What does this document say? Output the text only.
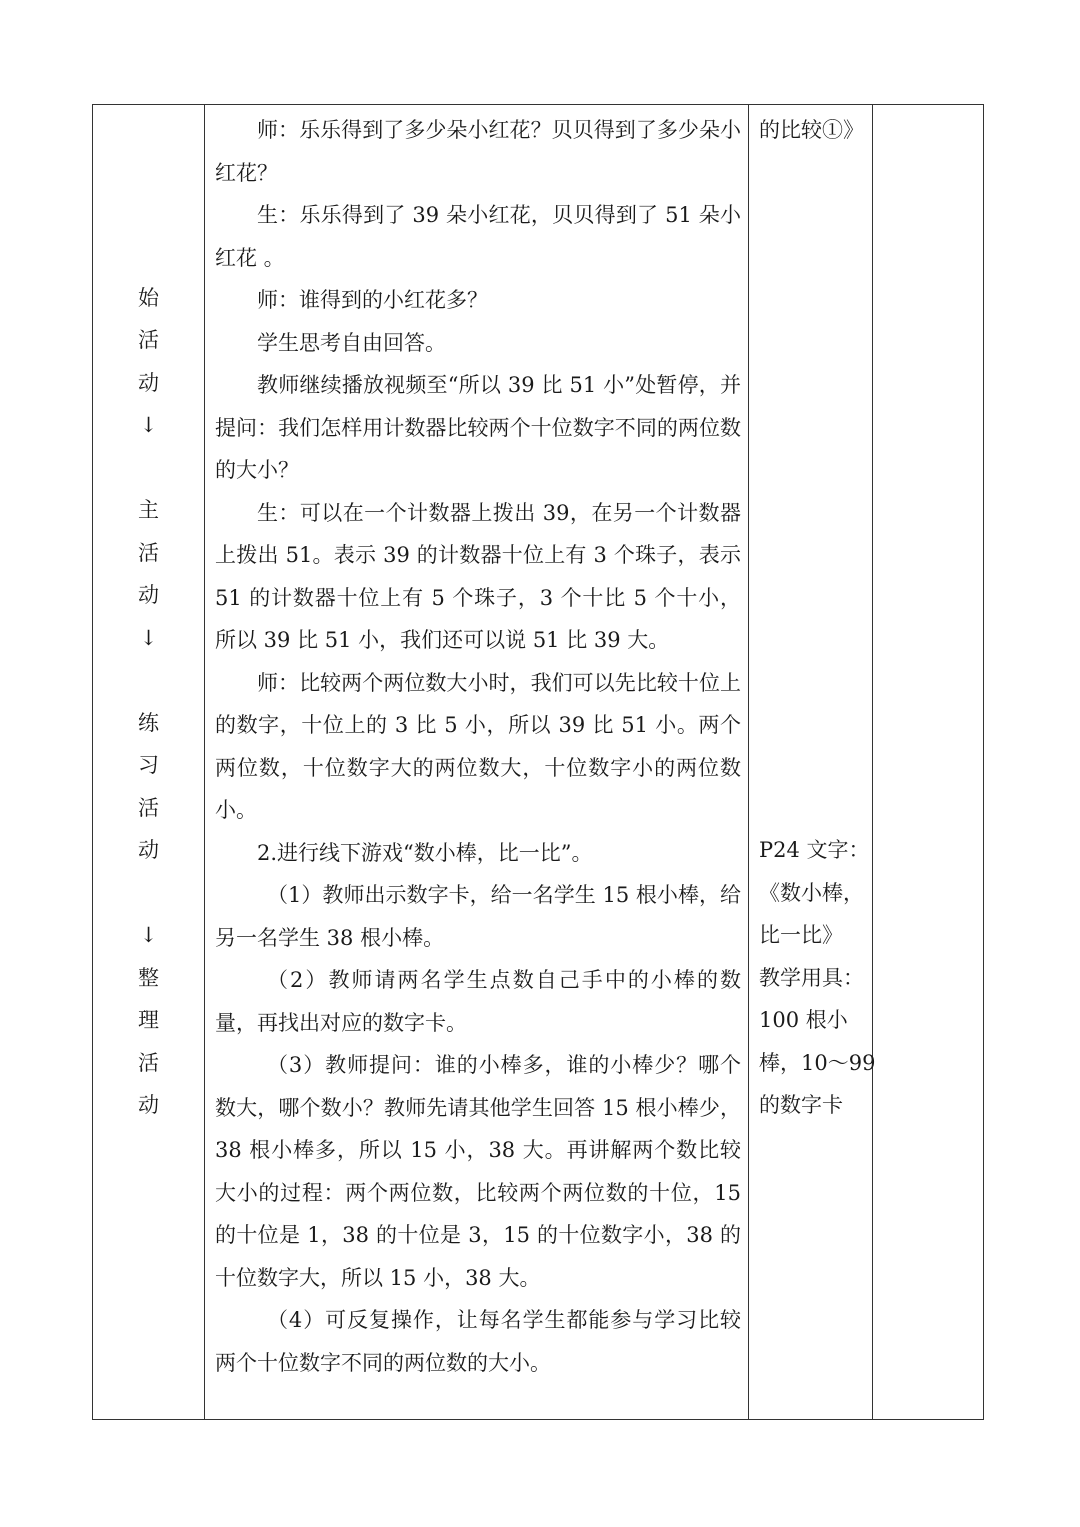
始
活
动
↓
主
活
动
↓
练
习
活
动
↓
整
理
活
动

师：乐乐得到了多少朵小红花？贝贝得到了多少朵小红花？

生：乐乐得到了 39 朵小红花，贝贝得到了 51 朵小红花 。

师：谁得到的小红花多？

学生思考自由回答。

教师继续播放视频至“所以 39 比 51 小”处暂停，并提问：我们怎样用计数器比较两个十位数字不同的两位数的大小？

生：可以在一个计数器上拨出 39，在另一个计数器上拨出 51。表示 39 的计数器十位上有 3 个珠子，表示 51 的计数器十位上有 5 个珠子，3 个十比 5 个十小，所以 39 比 51 小，我们还可以说 51 比 39 大。

师：比较两个两位数大小时，我们可以先比较十位上的数字，十位上的 3 比 5 小，所以 39 比 51 小。两个两位数，十位数字大的两位数大，十位数字小的两位数小。

2.进行线下游戏“数小棒，比一比”。

（1）教师出示数字卡，给一名学生 15 根小棒，给另一名学生 38 根小棒。

（2）教师请两名学生点数自己手中的小棒的数量，再找出对应的数字卡。

（3）教师提问：谁的小棒多，谁的小棒少？哪个数大，哪个数小？教师先请其他学生回答 15 根小棒少，38 根小棒多，所以 15 小，38 大。再讲解两个数比较大小的过程：两个两位数，比较两个两位数的十位，15 的十位是 1，38 的十位是 3，15 的十位数字小，38 的十位数字大，所以 15 小，38 大。

（4）可反复操作，让每名学生都能参与学习比较两个十位数字不同的两位数的大小。

的比较①》
P24 文字：
《数小棒，
比一比》
教学用具：
100 根小
棒，10～99
的数字卡
